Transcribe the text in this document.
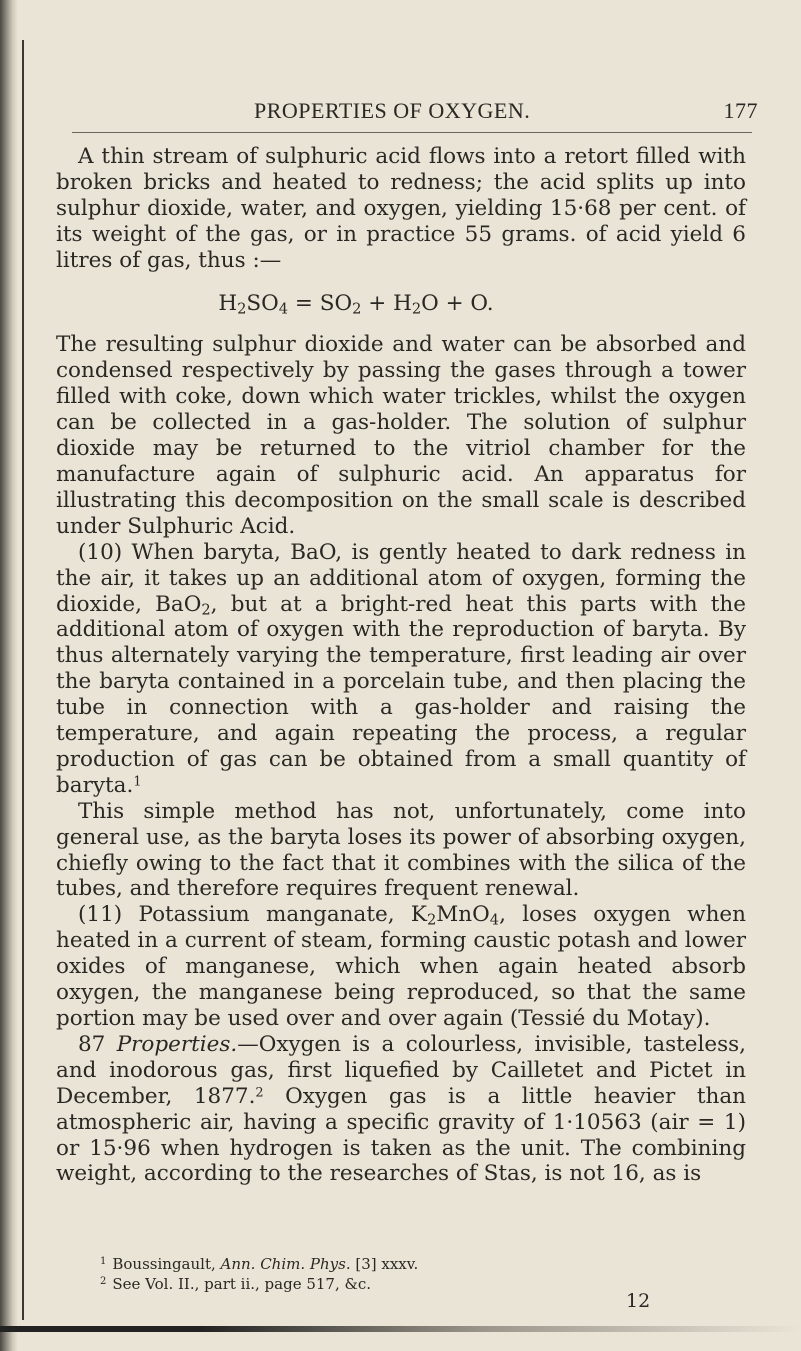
PROPERTIES OF OXYGEN.	177

A thin stream of sulphuric acid flows into a retort filled with broken bricks and heated to redness; the acid splits up into sulphur dioxide, water, and oxygen, yielding 15·68 per cent. of its weight of the gas, or in practice 55 grams. of acid yield 6 litres of gas, thus :—

$H_2SO_4 = SO_2 + H_2O + O$.

The resulting sulphur dioxide and water can be absorbed and condensed respectively by passing the gases through a tower filled with coke, down which water trickles, whilst the oxygen can be collected in a gas-holder. The solution of sulphur dioxide may be returned to the vitriol chamber for the manufacture again of sulphuric acid. An apparatus for illustrating this decomposition on the small scale is described under Sulphuric Acid.

(10) When baryta, BaO, is gently heated to dark redness in the air, it takes up an additional atom of oxygen, forming the dioxide, BaO$_2$, but at a bright-red heat this parts with the additional atom of oxygen with the reproduction of baryta. By thus alternately varying the temperature, first leading air over the baryta contained in a porcelain tube, and then placing the tube in connection with a gas-holder and raising the temperature, and again repeating the process, a regular production of gas can be obtained from a small quantity of baryta.$^1$

This simple method has not, unfortunately, come into general use, as the baryta loses its power of absorbing oxygen, chiefly owing to the fact that it combines with the silica of the tubes, and therefore requires frequent renewal.

(11) Potassium manganate, $K_2MnO_4$, loses oxygen when heated in a current of steam, forming caustic potash and lower oxides of manganese, which when again heated absorb oxygen, the manganese being reproduced, so that the same portion may be used over and over again (Tessié du Motay).

87 Properties.—Oxygen is a colourless, invisible, tasteless, and inodorous gas, first liquefied by Cailletet and Pictet in December, 1877.$^2$ Oxygen gas is a little heavier than atmospheric air, having a specific gravity of 1·10563 (air = 1) or 15·96 when hydrogen is taken as the unit. The combining weight, according to the researches of Stas, is not 16, as is

$^1$ Boussingault, Ann. Chim. Phys. [3] xxxv.
$^2$ See Vol. II., part ii., page 517, &c.
12
